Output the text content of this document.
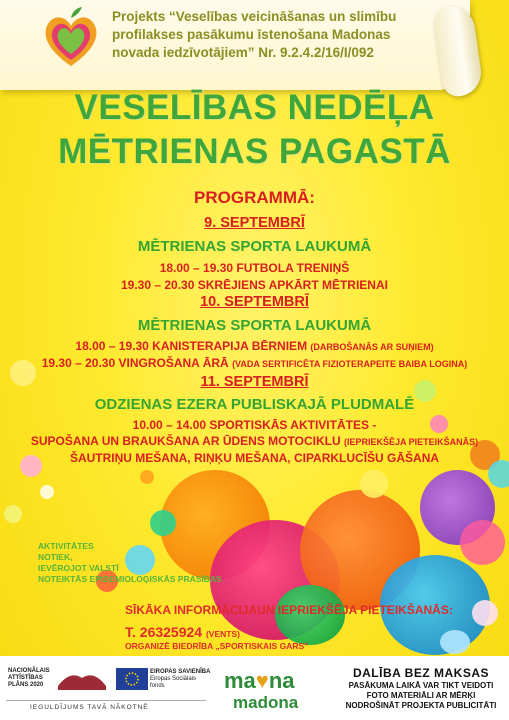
Projekts “Veselības veicināšanas un slimību
profilakses pasākumu īstenošana Madonas
novada iedzīvotājiem” Nr. 9.2.4.2/16/I/092
VESELĪBAS NEDĒĻA
MĒTRIENAS PAGASTĀ
PROGRAMMĀ:
9. SEPTEMBRĪ
MĒTRIENAS SPORTA LAUKUMĀ
18.00 – 19.30 FUTBOLA TRENIŅŠ
19.30 – 20.30 SKRĒJIENS APKĀRT MĒTRIENAI
10. SEPTEMBRĪ
MĒTRIENAS SPORTA LAUKUMĀ
18.00 – 19.30 KANISTERAPIJA BĒRNIEM (DARBOŠANĀS AR SUŅIEM)
19.30 – 20.30 VINGROŠANA ĀRĀ (VADA SERTIFICĒTA FIZIOTERAPEITE BAIBA LOGINA)
11. SEPTEMBRĪ
ODZIENAS EZERA PUBLISKAJĀ PLUDMALĒ
10.00 – 14.00 SPORTISKĀS AKTIVITĀTES -
SUPOŠANA UN BRAUKŠANA AR ŪDENS MOTOCIKLU (IEPRIEKŠĒJA PIETEIKŠANĀS)
ŠAUTRIŅU MEŠANA, RIŅĶU MEŠANA, CIPARKLUCĪŠU GĀŠANA
AKTIVITĀTES
NOTIEK,
IEVĒROJOT VALSTĪ
NOTEIKTĀS EPIDEMIOLOĢISKĀS PRASĪBAS
SĪKĀKA INFORMĀCIJAUN IEPRIEKŠĒJA PIETEIKŠANĀS:
T. 26325924 (VENTS)
ORGANIZĒ BIEDRĪBA „SPORTISKAIS GARS”
NACIONĀLAIS
ATTĪSTĪBAS
PLĀNS 2020
EIROPAS SAVIENĪBA
Eiropas Sociālais
fonds
IEGULDĪJUMS TAVĀ NĀKOTNĒ
ma♥na
madona
DALĪBA BEZ MAKSAS
PASĀKUMA LAIKĀ VAR TIKT VEIDOTI
FOTO MATERIĀLI AR MĒRĶI
NODROŠINĀT PROJEKTA PUBLICITĀTI
